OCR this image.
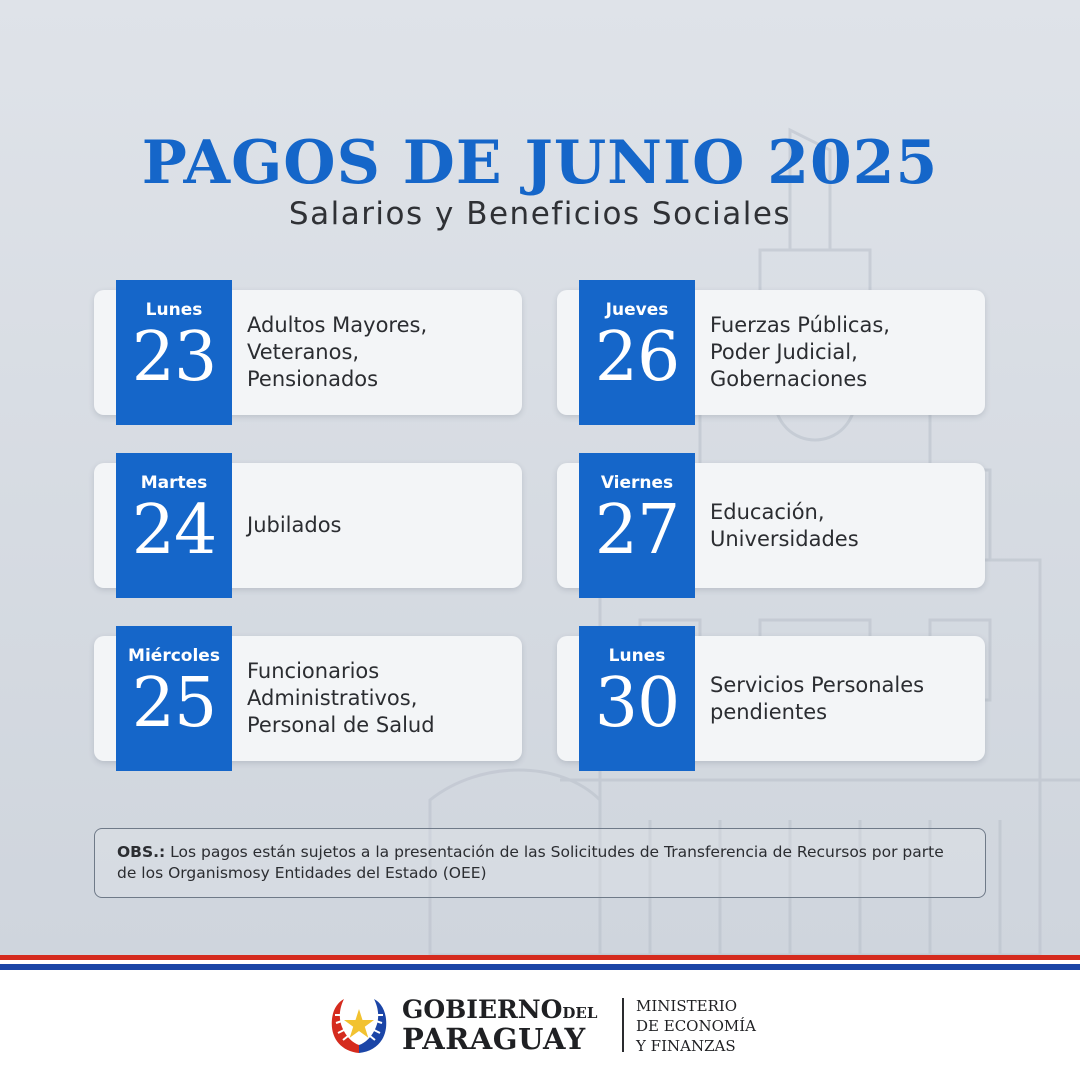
PAGOS DE JUNIO 2025

Salarios y Beneficios Sociales

Lunes
23	Adultos Mayores,
Veteranos,
Pensionados
Jueves
26	Fuerzas Públicas,
Poder Judicial,
Gobernaciones
Martes
24	Jubilados
Viernes
27	Educación,
Universidades
Miércoles
25	Funcionarios
Administrativos,
Personal de Salud
Lunes
30	Servicios Personales
pendientes
OBS.: Los pagos están sujetos a la presentación de las Solicitudes de Transferencia de Recursos por parte de los Organismosy Entidades del Estado (OEE)
GOBIERNODEL
PARAGUAY
MINISTERIO
DE ECONOMÍA
Y FINANZAS
